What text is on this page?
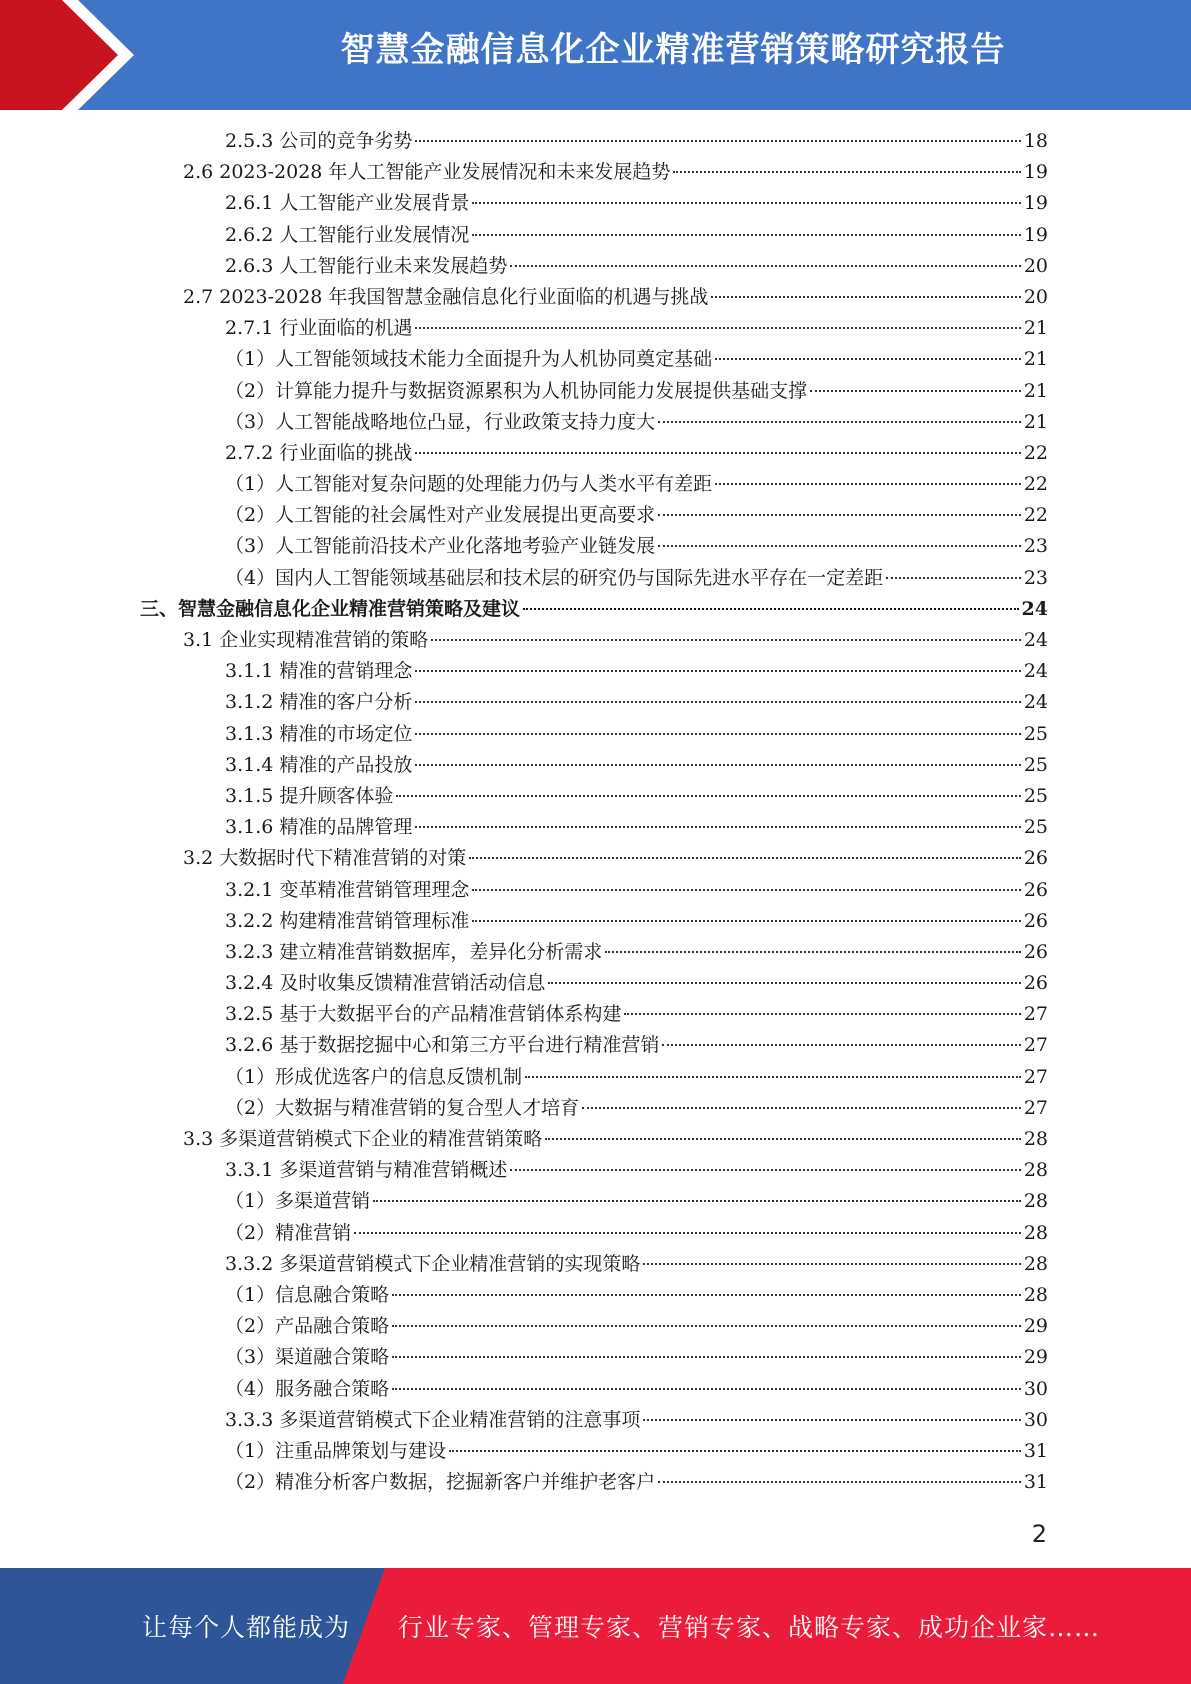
智慧金融信息化企业精准营销策略研究报告
2.5.3 公司的竞争劣势	18
2.6 2023-2028 年人工智能产业发展情况和未来发展趋势	19
2.6.1 人工智能产业发展背景	19
2.6.2 人工智能行业发展情况	19
2.6.3 人工智能行业未来发展趋势	20
2.7 2023-2028 年我国智慧金融信息化行业面临的机遇与挑战	20
2.7.1 行业面临的机遇	21
（1）人工智能领域技术能力全面提升为人机协同奠定基础	21
（2）计算能力提升与数据资源累积为人机协同能力发展提供基础支撑	21
（3）人工智能战略地位凸显，行业政策支持力度大	21
2.7.2 行业面临的挑战	22
（1）人工智能对复杂问题的处理能力仍与人类水平有差距	22
（2）人工智能的社会属性对产业发展提出更高要求	22
（3）人工智能前沿技术产业化落地考验产业链发展	23
（4）国内人工智能领域基础层和技术层的研究仍与国际先进水平存在一定差距	23
三、智慧金融信息化企业精准营销策略及建议	24
3.1 企业实现精准营销的策略	24
3.1.1 精准的营销理念	24
3.1.2 精准的客户分析	24
3.1.3 精准的市场定位	25
3.1.4 精准的产品投放	25
3.1.5 提升顾客体验	25
3.1.6 精准的品牌管理	25
3.2 大数据时代下精准营销的对策	26
3.2.1 变革精准营销管理理念	26
3.2.2 构建精准营销管理标准	26
3.2.3 建立精准营销数据库，差异化分析需求	26
3.2.4 及时收集反馈精准营销活动信息	26
3.2.5 基于大数据平台的产品精准营销体系构建	27
3.2.6 基于数据挖掘中心和第三方平台进行精准营销	27
（1）形成优选客户的信息反馈机制	27
（2）大数据与精准营销的复合型人才培育	27
3.3 多渠道营销模式下企业的精准营销策略	28
3.3.1 多渠道营销与精准营销概述	28
（1）多渠道营销	28
（2）精准营销	28
3.3.2 多渠道营销模式下企业精准营销的实现策略	28
（1）信息融合策略	28
（2）产品融合策略	29
（3）渠道融合策略	29
（4）服务融合策略	30
3.3.3 多渠道营销模式下企业精准营销的注意事项	30
（1）注重品牌策划与建设	31
（2）精准分析客户数据，挖掘新客户并维护老客户	31
2
让每个人都能成为 行业专家、管理专家、营销专家、战略专家、成功企业家……
